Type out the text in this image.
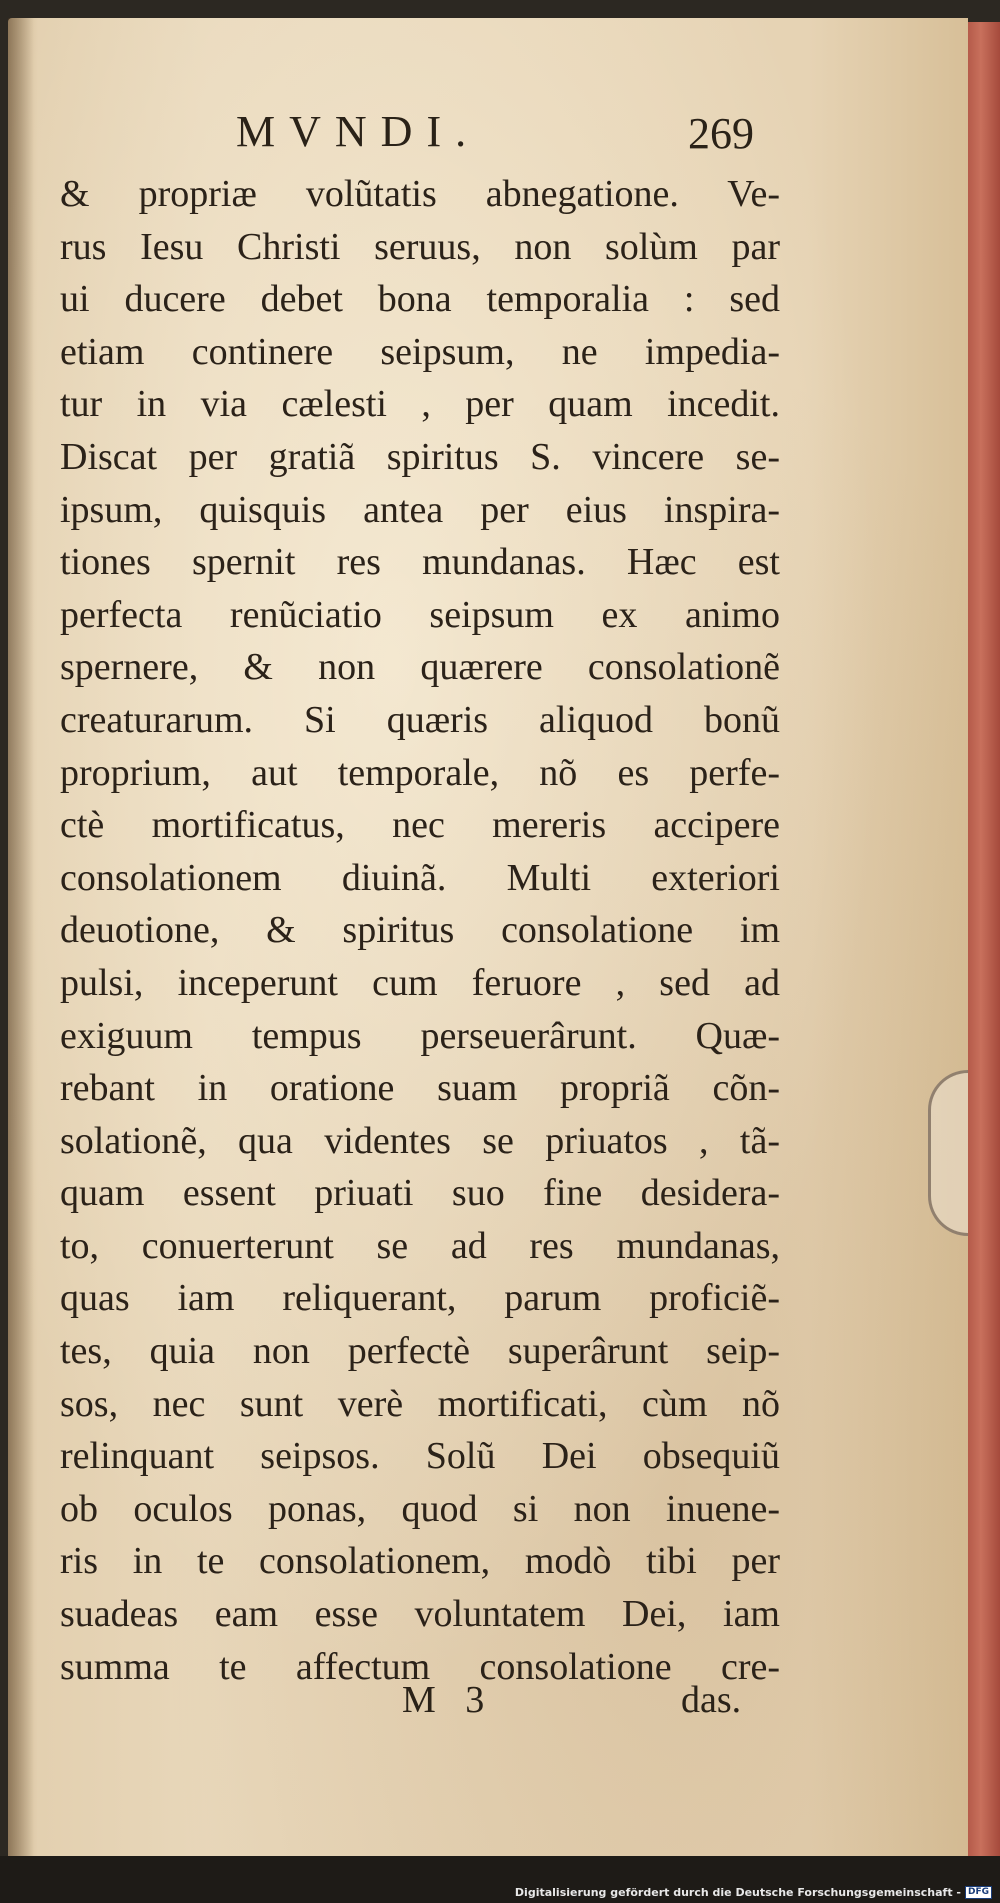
MVNDI.	269
& propriæ volũtatis abnegatione. Ve-
rus Iesu Christi seruus, non solùm par
ui ducere debet bona temporalia : sed
etiam continere seipsum, ne impedia-
tur in via cælesti , per quam incedit.
Discat per gratiã spiritus S. vincere se-
ipsum, quisquis antea per eius inspira-
tiones spernit res mundanas. Hæc est
perfecta renũciatio seipsum ex animo
spernere, & non quærere consolationẽ
creaturarum. Si quæris aliquod bonũ
proprium, aut temporale, nõ es perfe-
ctè mortificatus, nec mereris accipere
consolationem diuinã. Multi exteriori
deuotione, & spiritus consolatione im
pulsi, inceperunt cum feruore , sed ad
exiguum tempus perseuerârunt. Quæ-
rebant in oratione suam propriã cõn-
solationẽ, qua videntes se priuatos , tã-
quam essent priuati suo fine desidera-
to, conuerterunt se ad res mundanas,
quas iam reliquerant, parum proficiẽ-
tes, quia non perfectè superârunt seip-
sos, nec sunt verè mortificati, cùm nõ
relinquant seipsos. Solũ Dei obsequiũ
ob oculos ponas, quod si non inuene-
ris in te consolationem, modò tibi per
suadeas eam esse voluntatem Dei, iam
summa te affectum consolatione cre-
M 3	das.
Digitalisierung gefördert durch die Deutsche Forschungsgemeinschaft - DFG
